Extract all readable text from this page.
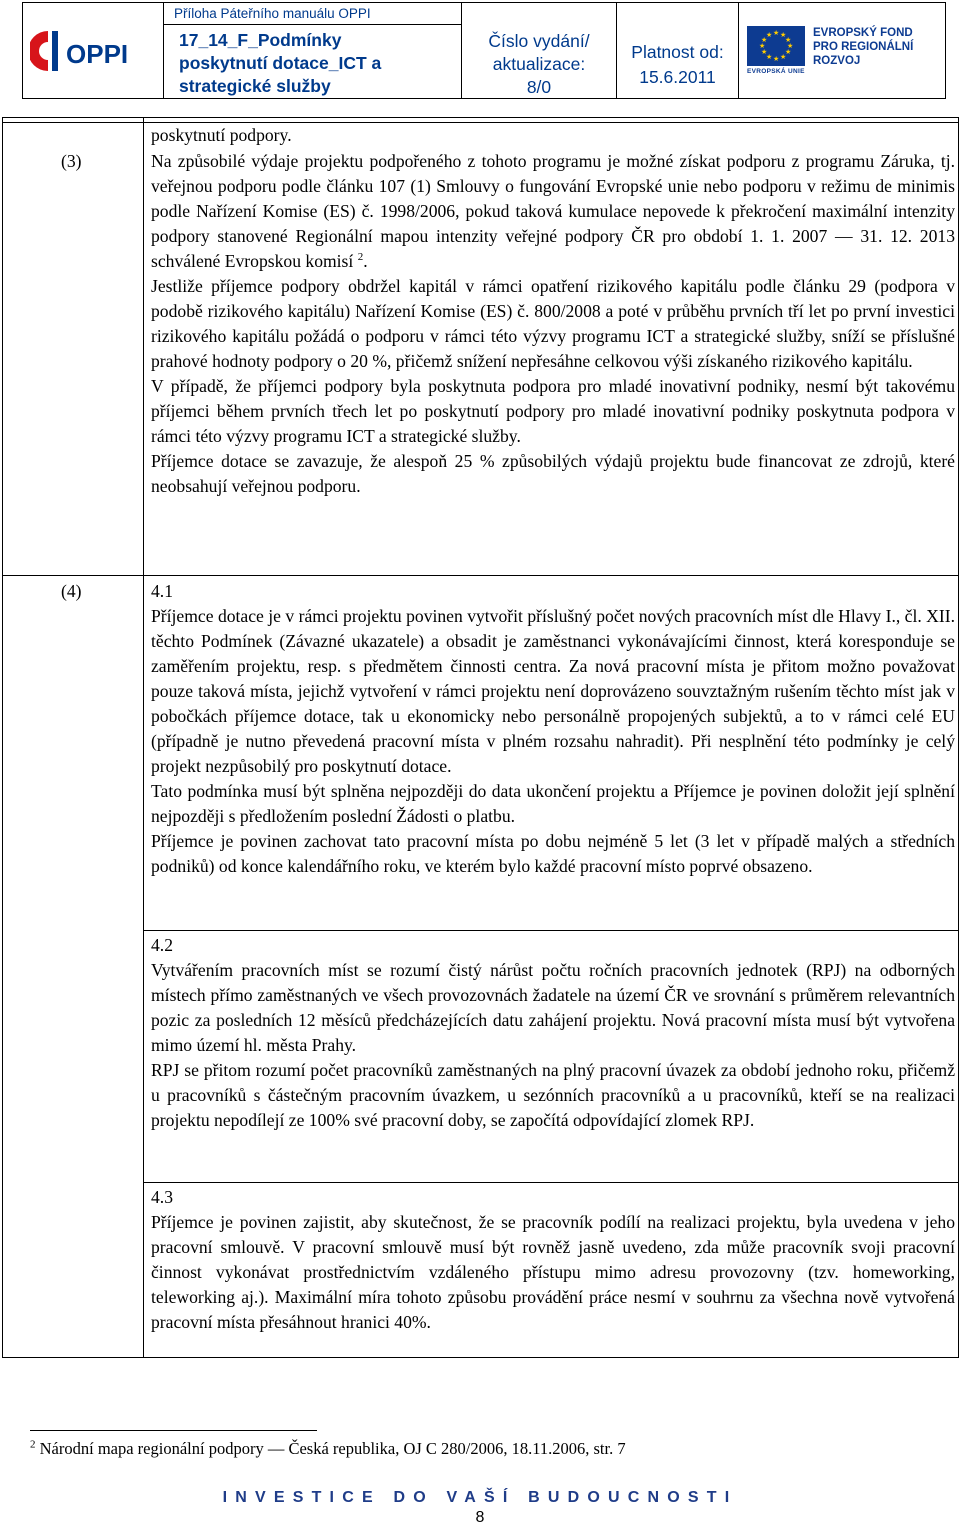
OPPI
Příloha Páteřního manuálu OPPI
17_14_F_Podmínky
poskytnutí dotace_ICT a
strategické služby
Číslo vydání/
aktualizace:
8/0
Platnost od:
15.6.2011
★ ★
★
★
★
★
★
★
★
★
★
★
EVROPSKÁ UNIE
EVROPSKÝ FOND
PRO REGIONÁLNÍ
ROZVOJ
poskytnutí podpory.
(3)	Na způsobilé výdaje projektu podpořeného z tohoto programu je možné získat podporu z programu Záruka, tj. veřejnou podporu podle článku 107 (1) Smlouvy o fungování Evropské unie nebo podporu v režimu de minimis podle Nařízení Komise (ES) č. 1998/2006, pokud taková kumulace nepovede k překročení maximální intenzity podpory stanovené Regionální mapou intenzity veřejné podpory ČR pro období 1. 1. 2007 — 31. 12. 2013 schválené Evropskou komisí $^2$.

Jestliže příjemce podpory obdržel kapitál v rámci opatření rizikového kapitálu podle článku 29 (podpora v podobě rizikového kapitálu) Nařízení Komise (ES) č. 800/2008 a poté v průběhu prvních tří let po první investici rizikového kapitálu požádá o podporu v rámci této výzvy programu ICT a strategické služby, sníží se příslušné prahové hodnoty podpory o 20 %, přičemž snížení nepřesáhne celkovou výši získaného rizikového kapitálu.

V případě, že příjemci podpory byla poskytnuta podpora pro mladé inovativní podniky, nesmí být takovému příjemci během prvních třech let po poskytnutí podpory pro mladé inovativní podniky poskytnuta podpora v rámci této výzvy programu ICT a strategické služby.

Příjemce dotace se zavazuje, že alespoň 25 % způsobilých výdajů projektu bude financovat ze zdrojů, které neobsahují veřejnou podporu.

(4)	4.1

Příjemce dotace je v rámci projektu povinen vytvořit příslušný počet nových pracovních míst dle Hlavy I., čl. XII. těchto Podmínek (Závazné ukazatele) a obsadit je zaměstnanci vykonávajícími činnost, která koresponduje se zaměřením projektu, resp. s předmětem činnosti centra. Za nová pracovní místa je přitom možno považovat pouze taková místa, jejichž vytvoření v rámci projektu není doprovázeno souvztažným rušením těchto míst jak v pobočkách příjemce dotace, tak u ekonomicky nebo personálně propojených subjektů, a to v rámci celé EU (případně je nutno převedená pracovní místa v plném rozsahu nahradit). Při nesplnění této podmínky je celý projekt nezpůsobilý pro poskytnutí dotace.

Tato podmínka musí být splněna nejpozději do data ukončení projektu a Příjemce je povinen doložit její splnění nejpozději s předložením poslední Žádosti o platbu.

Příjemce je povinen zachovat tato pracovní místa po dobu nejméně 5 let (3 let v případě malých a středních podniků) od konce kalendářního roku, ve kterém bylo každé pracovní místo poprvé obsazeno.

4.2

Vytvářením pracovních míst se rozumí čistý nárůst počtu ročních pracovních jednotek (RPJ) na odborných místech přímo zaměstnaných ve všech provozovnách žadatele na území ČR ve srovnání s průměrem relevantních pozic za posledních 12 měsíců předcházejících datu zahájení projektu. Nová pracovní místa musí být vytvořena mimo území hl. města Prahy.

RPJ se přitom rozumí počet pracovníků zaměstnaných na plný pracovní úvazek za období jednoho roku, přičemž u pracovníků s částečným pracovním úvazkem, u sezónních pracovníků a u pracovníků, kteří se na realizaci projektu nepodílejí ze 100% své pracovní doby, se započítá odpovídající zlomek RPJ.

4.3

Příjemce je povinen zajistit, aby skutečnost, že se pracovník podílí na realizaci projektu, byla uvedena v jeho pracovní smlouvě. V pracovní smlouvě musí být rovněž jasně uvedeno, zda může pracovník svoji pracovní činnost vykonávat prostřednictvím vzdáleného přístupu mimo adresu provozovny (tzv. homeworking, teleworking aj.). Maximální míra tohoto způsobu provádění práce nesmí v souhrnu za všechna nově vytvořená pracovní místa přesáhnout hranici 40%.

$^2$ Národní mapa regionální podpory — Česká republika, OJ C 280/2006, 18.11.2006, str. 7
INVESTICE DO VAŠÍ BUDOUCNOSTI
8
